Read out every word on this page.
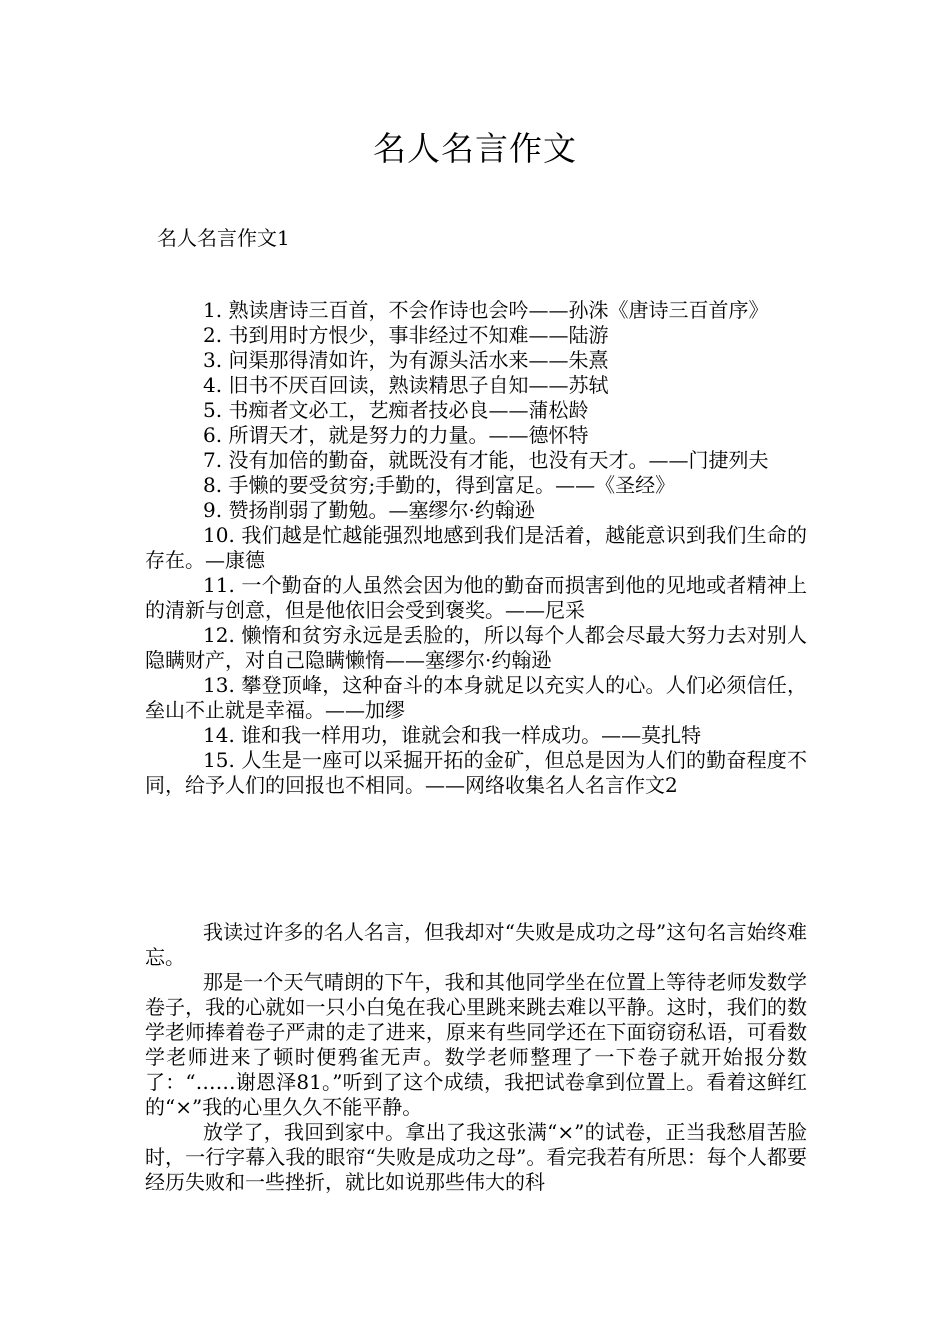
名人名言作文
名人名言作文1

1. 熟读唐诗三百首，不会作诗也会吟——孙洙《唐诗三百首序》

2. 书到用时方恨少，事非经过不知难——陆游

3. 问渠那得清如许，为有源头活水来——朱熹

4. 旧书不厌百回读，熟读精思子自知——苏轼

5. 书痴者文必工，艺痴者技必良——蒲松龄

6. 所谓天才，就是努力的力量。——德怀特

7. 没有加倍的勤奋，就既没有才能，也没有天才。——门捷列夫

8. 手懒的要受贫穷;手勤的，得到富足。——《圣经》

9. 赞扬削弱了勤勉。—塞缪尔·约翰逊

10. 我们越是忙越能强烈地感到我们是活着，越能意识到我们生命的存在。—康德

11. 一个勤奋的人虽然会因为他的勤奋而损害到他的见地或者精神上的清新与创意，但是他依旧会受到褒奖。——尼采

12. 懒惰和贫穷永远是丢脸的，所以每个人都会尽最大努力去对别人隐瞒财产，对自己隐瞒懒惰——塞缪尔·约翰逊

13. 攀登顶峰，这种奋斗的本身就足以充实人的心。人们必须信任，垒山不止就是幸福。——加缪

14. 谁和我一样用功，谁就会和我一样成功。——莫扎特

15. 人生是一座可以采掘开拓的金矿，但总是因为人们的勤奋程度不同，给予人们的回报也不相同。——网络收集名人名言作文2

我读过许多的名人名言，但我却对“失败是成功之母”这句名言始终难忘。

那是一个天气晴朗的下午，我和其他同学坐在位置上等待老师发数学卷子，我的心就如一只小白兔在我心里跳来跳去难以平静。这时，我们的数学老师捧着卷子严肃的走了进来，原来有些同学还在下面窃窃私语，可看数学老师进来了顿时便鸦雀无声。数学老师整理了一下卷子就开始报分数了：“……谢恩泽81。”听到了这个成绩，我把试卷拿到位置上。看着这鲜红的“×”我的心里久久不能平静。

放学了，我回到家中。拿出了我这张满“×”的试卷，正当我愁眉苦脸时，一行字幕入我的眼帘“失败是成功之母”。看完我若有所思：每个人都要经历失败和一些挫折，就比如说那些伟大的科
